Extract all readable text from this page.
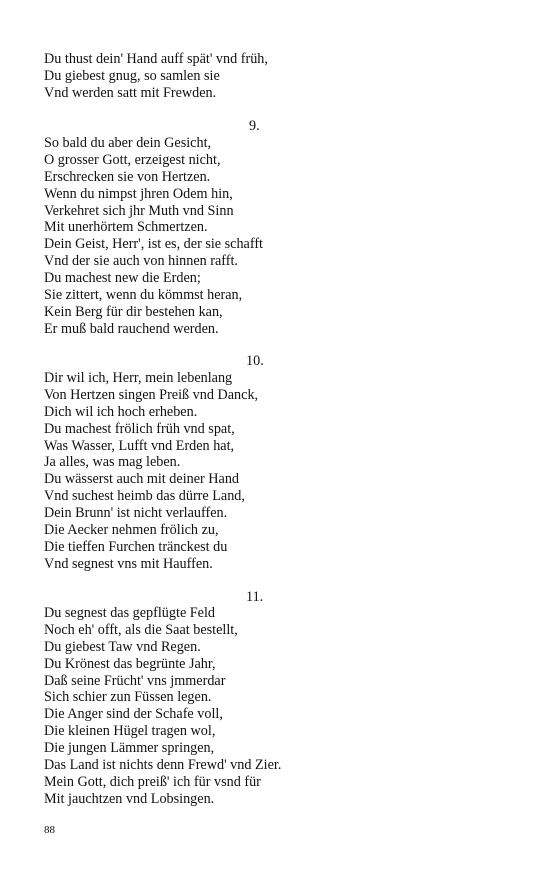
Du thust dein' Hand auff spät' vnd früh,
Du giebest gnug, so samlen sie
Vnd werden satt mit Frewden.
9.
So bald du aber dein Gesicht,
O grosser Gott, erzeigest nicht,
Erschrecken sie von Hertzen.
Wenn du nimpst jhren Odem hin,
Verkehret sich jhr Muth vnd Sinn
Mit unerhörtem Schmertzen.
Dein Geist, Herr', ist es, der sie schafft
Vnd der sie auch von hinnen rafft.
Du machest new die Erden;
Sie zittert, wenn du kömmst heran,
Kein Berg für dir bestehen kan,
Er muß bald rauchend werden.
10.
Dir wil ich, Herr, mein lebenlang
Von Hertzen singen Preiß vnd Danck,
Dich wil ich hoch erheben.
Du machest frölich früh vnd spat,
Was Wasser, Lufft vnd Erden hat,
Ja alles, was mag leben.
Du wässerst auch mit deiner Hand
Vnd suchest heimb das dürre Land,
Dein Brunn' ist nicht verlauffen.
Die Aecker nehmen frölich zu,
Die tieffen Furchen tränckest du
Vnd segnest vns mit Hauffen.
11.
Du segnest das gepflügte Feld
Noch eh' offt, als die Saat bestellt,
Du giebest Taw vnd Regen.
Du Krönest das begrünte Jahr,
Daß seine Frücht' vns jmmerdar
Sich schier zun Füssen legen.
Die Anger sind der Schafe voll,
Die kleinen Hügel tragen wol,
Die jungen Lämmer springen,
Das Land ist nichts denn Frewd' vnd Zier.
Mein Gott, dich preiß' ich für vsnd für
Mit jauchtzen vnd Lobsingen.
88
